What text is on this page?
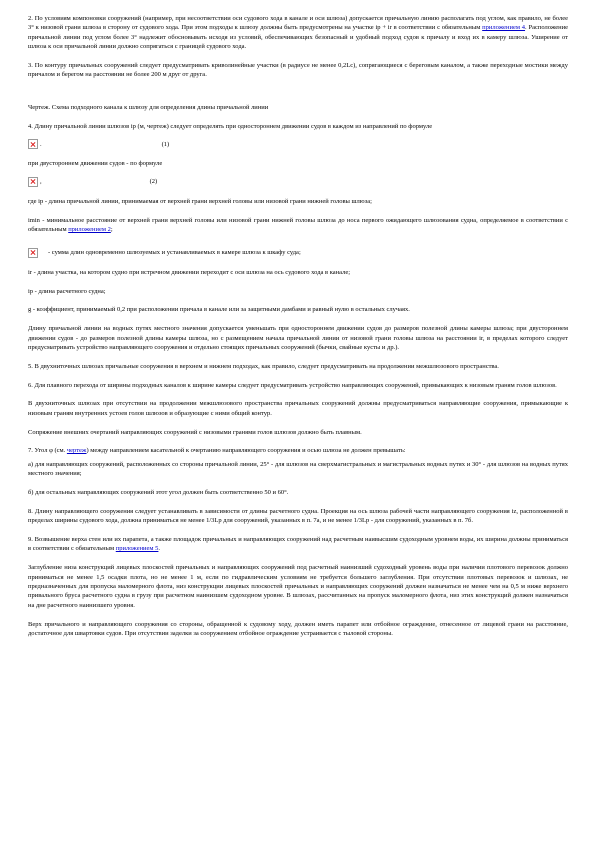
2. По условиям компоновки сооружений (например, при несоответствии оси судового хода в канале и оси шлюза) допускается причальную линию располагать под углом, как правило, не более 3° к низовой грани шлюза в сторону от судового хода. При этом подходы к шлюзу должны быть предусмотрены на участке ip + ir в соответствии с обязательным приложением 4. Расположение причальной линии под углом более 3° надлежит обосновывать исходя из условий, обеспечивающих безопасный и удобный подход судов к причалу и вход их в камеру шлюза. Уширение от шлюза к оси причальной линии должно сопрягаться с границей судового хода.

3. По контуру причальных сооружений следует предусматривать криволинейные участки (в радиусе не менее 0,2Lс), сопрягающиеся с береговым каналом, а также переходные мостики между причалом и берегом на расстоянии не более 200 м друг от друга.

Чертеж. Схема подходного канала к шлюзу для определения длины причальной линии

4. Длину причальной линии шлюзов ip (м, чертеж) следует определять при одностороннем движении судов в каждом из направлений по формуле

.	(1)

при двустороннем движении судов - по формуле

,	(2)

где ip - длина причальной линии, принимаемая от верхней грани верхней головы или низовой грани нижней головы шлюза;

imin - минимальное расстояние от верхней грани верхней головы или низовой грани нижней головы шлюза до носа первого ожидающего шлюзования судна, определяемое в соответствии с обязательным приложением 2;

- сумма длин одновременно шлюзуемых и устанавливаемых в камере шлюза к шкафу суда;

ir - длина участка, на котором судно при встречном движении переходит с оси шлюза на ось судового хода в канале;

ip - длина расчетного судна;

g - коэффициент, принимаемый 0,2 при расположении причала в канале или за защитными дамбами и равный нулю в остальных случаях.

Длину причальной линии на водных путях местного значения допускается уменьшать при одностороннем движении судов до размеров полезной длины камеры шлюза; при двустороннем движении судов - до размеров полезной длины камеры шлюза, но с размещением начала причальной линии от низовой грани головы шлюза на расстоянии ir, в пределах которого следует предусматривать устройство направляющего сооружения и отдельно стоящих причальных сооружений (бычки, свайные кусты и др.).

5. В двухниточных шлюзах причальные сооружения в верхнем и нижнем подходах, как правило, следует предусматривать на продолжении межшлюзового пространства.

6. Для плавного перехода от ширины подходных каналов к ширине камеры следует предусматривать устройство направляющих сооружений, примыкающих к низовым граням голов шлюзов.

В двухниточных шлюзах при отсутствии на продолжении межшлюзового пространства причальных сооружений должны предусматриваться направляющие сооружения, примыкающие к низовым граням внутренних устоев голов шлюзов и образующие с ними общий контур.

Сопряжение внешних очертаний направляющих сооружений с низовыми гранями голов шлюзов должно быть плавным.

7. Угол φ (см. чертеж) между направлением касательной к очертанию направляющего сооружения и осью шлюза не должен превышать:

а) для направляющих сооружений, расположенных со стороны причальной линии, 25° - для шлюзов на сверхмагистральных и магистральных водных путях и 30° - для шлюзов на водных путях местного значения;

б) для остальных направляющих сооружений этот угол должен быть соответственно 50 и 60°.

8. Длину направляющего сооружения следует устанавливать в зависимости от длины расчетного судна. Проекция на ось шлюза рабочей части направляющего сооружения iz, расположенной в пределах ширины судового хода, должна приниматься не менее 1/3Lр для сооружений, указанных в п. 7а, и не менее 1/3Lр - для сооружений, указанных в п. 7б.

9. Возвышение верха стен или их парапета, а также площадок причальных и направляющих сооружений над расчетным наивысшим судоходным уровнем воды, их ширина должны приниматься в соответствии с обязательным приложением 5.

Заглубление низа конструкций лицевых плоскостей причальных и направляющих сооружений под расчетный наинизший судоходный уровень воды при наличии плотового перевозок должно приниматься не менее 1,5 осадки плота, но не менее 1 м, если по гидравлическим условиям не требуется большего заглубления. При отсутствии плотовых перевозок и шлюзах, не предназначенных для пропуска маломерного флота, низ конструкции лицевых плоскостей причальных и направляющих сооружений должен назначаться не менее чем на 0,5 м ниже верхнего привального бруса расчетного судна в грузу при расчетном наинизшем судоходном уровне. В шлюзах, рассчитанных на пропуск маломерного флота, низ этих конструкций должен назначаться на дне расчетного наинизшего уровня.

Верх причального и направляющего сооружения со стороны, обращенной к судовому ходу, должен иметь парапет или отбойное ограждение, отнесенное от лицевой грани на расстояние, достаточное для швартовки судов. При отсутствии заделки за сооружением отбойное ограждение устраивается с тыловой стороны.
